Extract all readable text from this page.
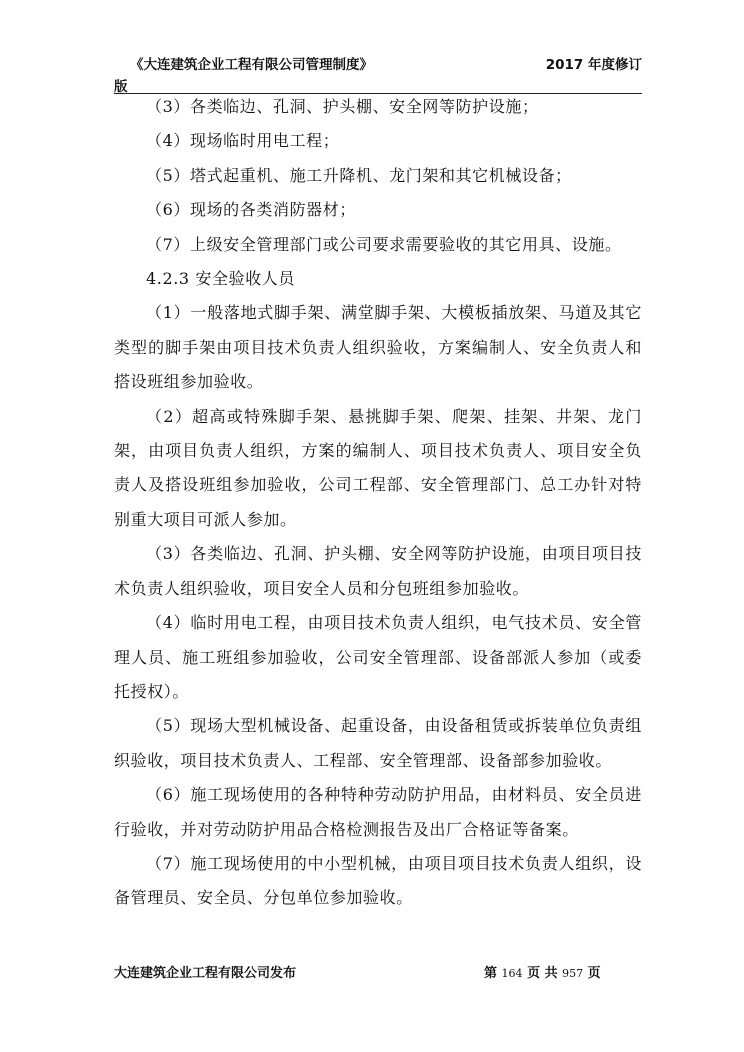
《大连建筑企业工程有限公司管理制度》	2017 年度修订
版

（3）各类临边、孔洞、护头棚、安全网等防护设施；

（4）现场临时用电工程；

（5）塔式起重机、施工升降机、龙门架和其它机械设备；

（6）现场的各类消防器材；

（7）上级安全管理部门或公司要求需要验收的其它用具、设施。

4.2.3 安全验收人员

（1）一般落地式脚手架、满堂脚手架、大模板插放架、马道及其它类型的脚手架由项目技术负责人组织验收，方案编制人、安全负责人和搭设班组参加验收。

（2）超高或特殊脚手架、悬挑脚手架、爬架、挂架、井架、龙门架，由项目负责人组织，方案的编制人、项目技术负责人、项目安全负责人及搭设班组参加验收，公司工程部、安全管理部门、总工办针对特别重大项目可派人参加。

（3）各类临边、孔洞、护头棚、安全网等防护设施，由项目项目技术负责人组织验收，项目安全人员和分包班组参加验收。

（4）临时用电工程，由项目技术负责人组织，电气技术员、安全管理人员、施工班组参加验收，公司安全管理部、设备部派人参加（或委托授权）。

（5）现场大型机械设备、起重设备，由设备租赁或拆装单位负责组织验收，项目技术负责人、工程部、安全管理部、设备部参加验收。

（6）施工现场使用的各种特种劳动防护用品，由材料员、安全员进行验收，并对劳动防护用品合格检测报告及出厂合格证等备案。

（7）施工现场使用的中小型机械，由项目项目技术负责人组织，设备管理员、安全员、分包单位参加验收。

大连建筑企业工程有限公司发布	第 164 页 共 957 页
